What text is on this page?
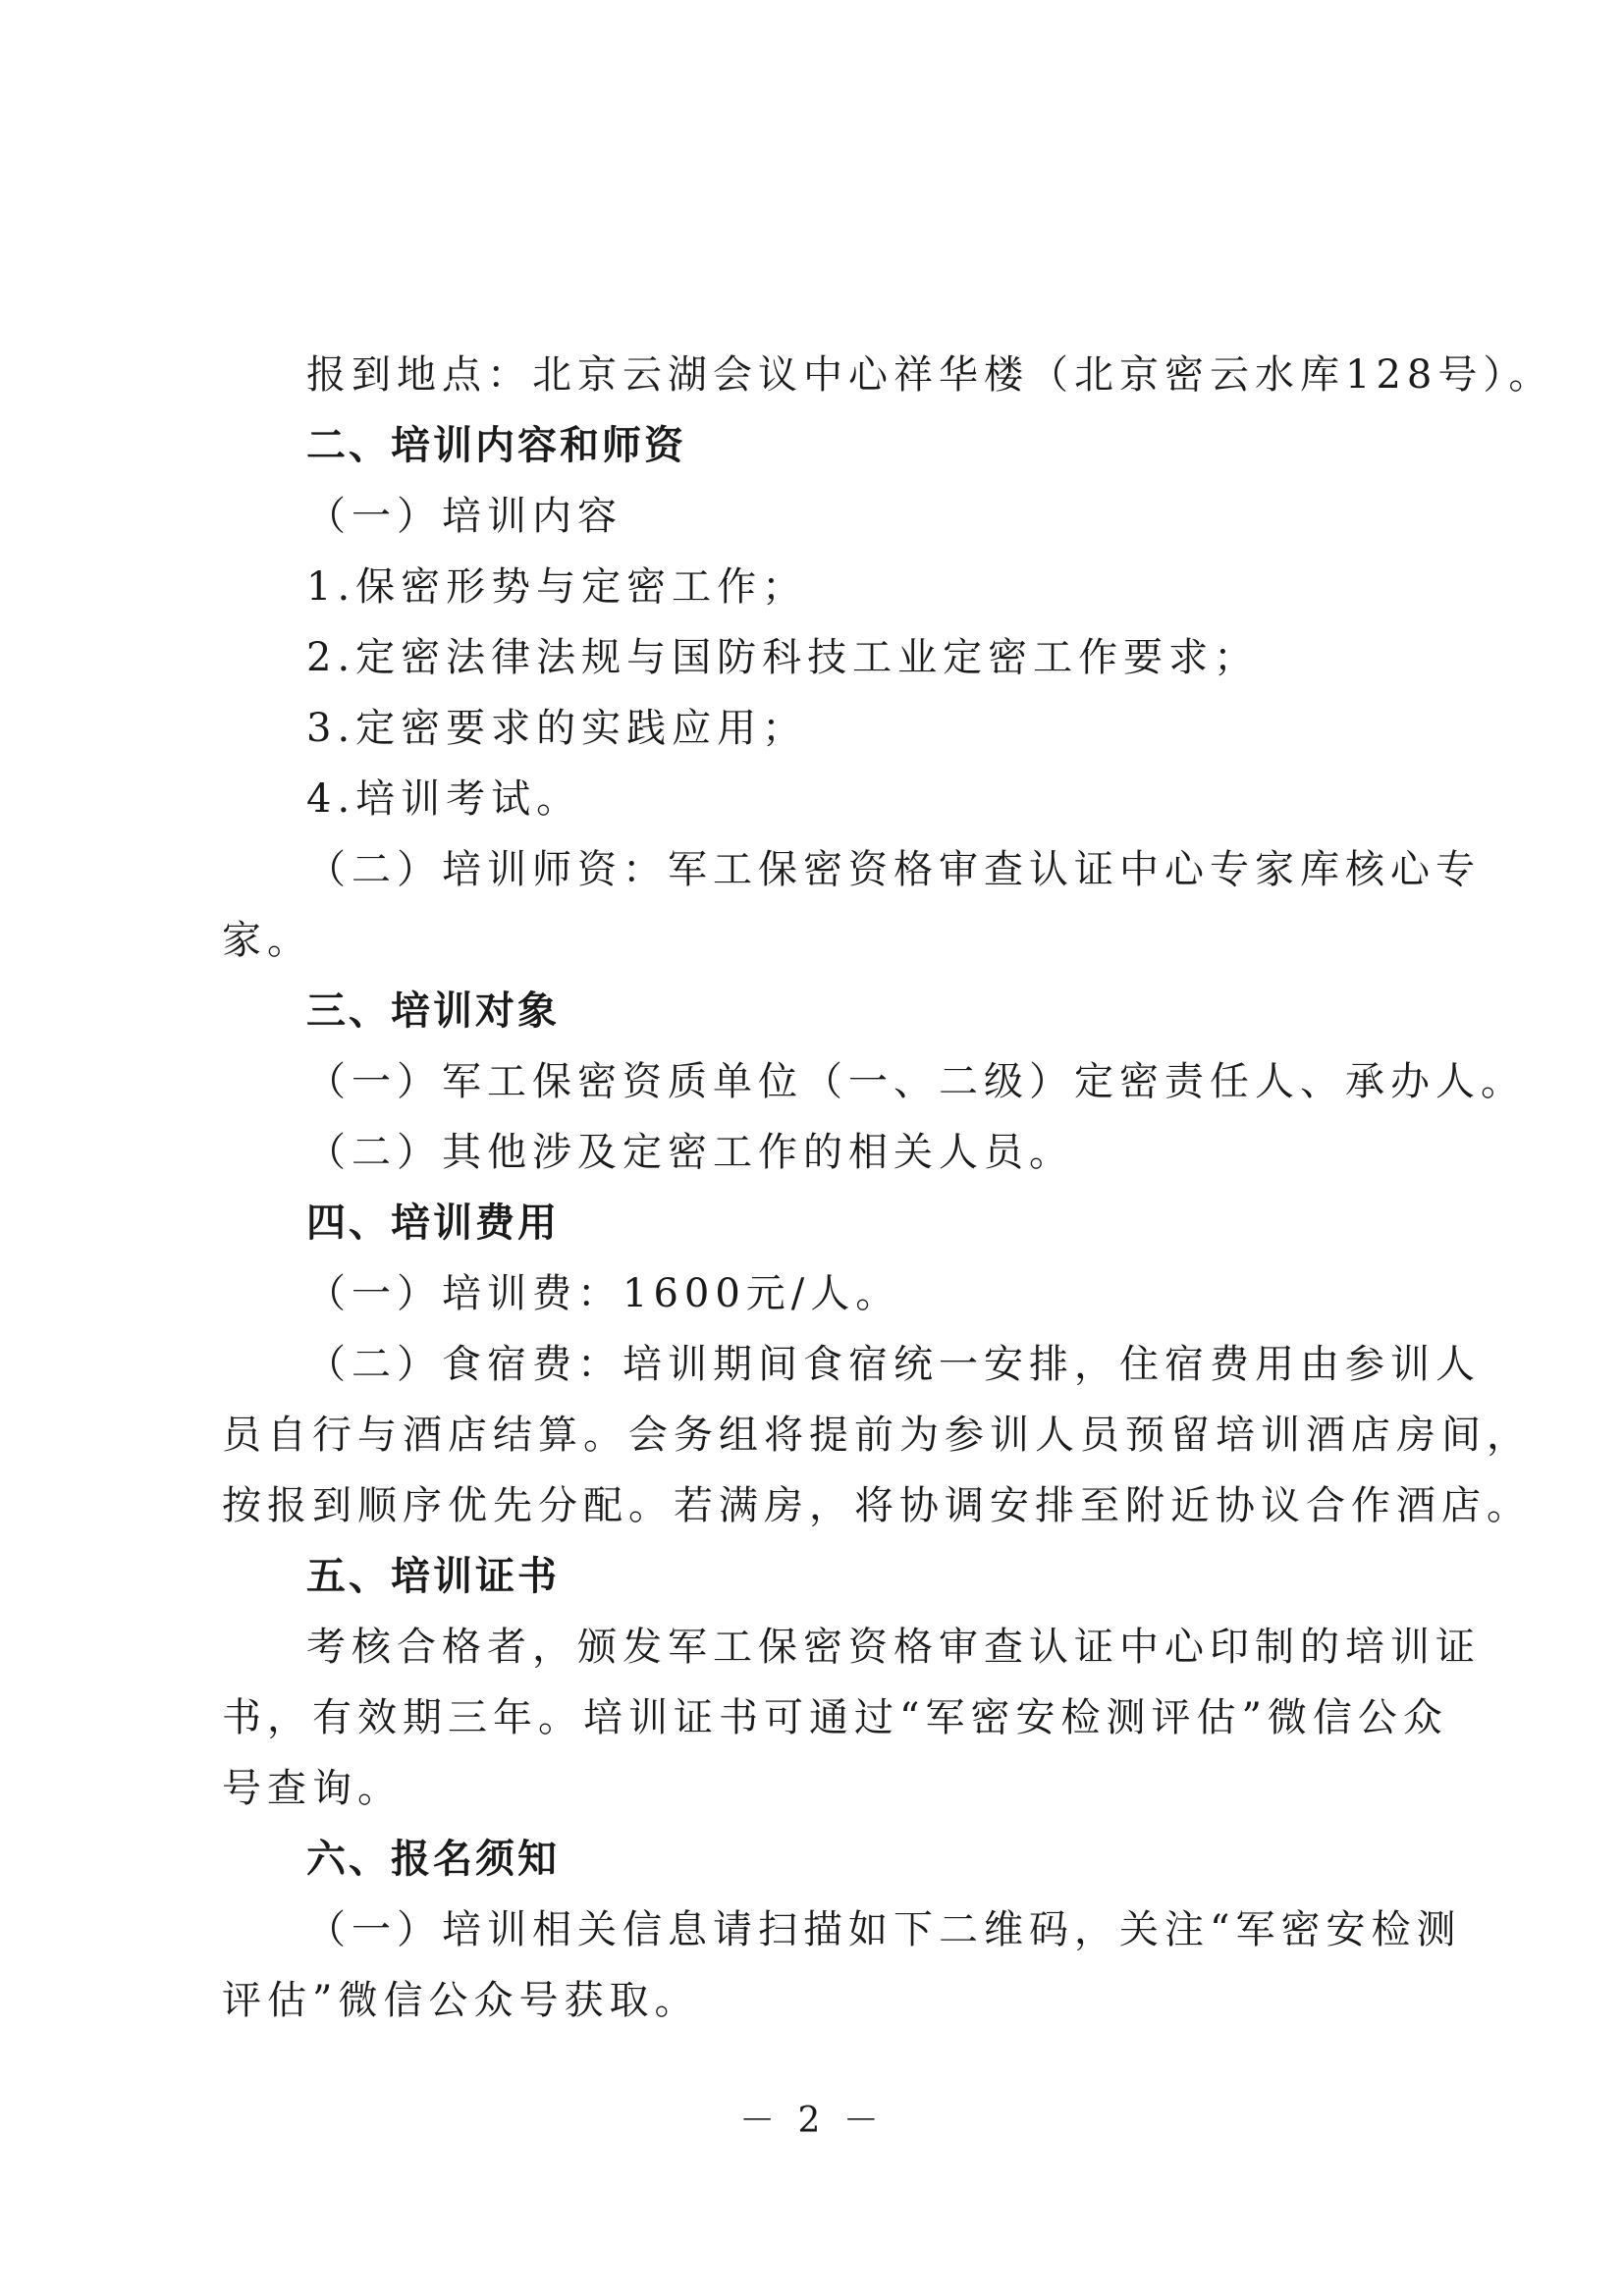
报到地点：北京云湖会议中心祥华楼（北京密云水库128号）。
二、培训内容和师资
（一）培训内容
1.保密形势与定密工作；
2.定密法律法规与国防科技工业定密工作要求；
3.定密要求的实践应用；
4.培训考试。
（二）培训师资：军工保密资格审查认证中心专家库核心专
家。
三、培训对象
（一）军工保密资质单位（一、二级）定密责任人、承办人。
（二）其他涉及定密工作的相关人员。
四、培训费用
（一）培训费：1600元/人。
（二）食宿费：培训期间食宿统一安排，住宿费用由参训人
员自行与酒店结算。会务组将提前为参训人员预留培训酒店房间，
按报到顺序优先分配。若满房，将协调安排至附近协议合作酒店。
五、培训证书
考核合格者，颁发军工保密资格审查认证中心印制的培训证
书，有效期三年。培训证书可通过“军密安检测评估”微信公众
号查询。
六、报名须知
（一）培训相关信息请扫描如下二维码，关注“军密安检测
评估”微信公众号获取。
－ 2 －
